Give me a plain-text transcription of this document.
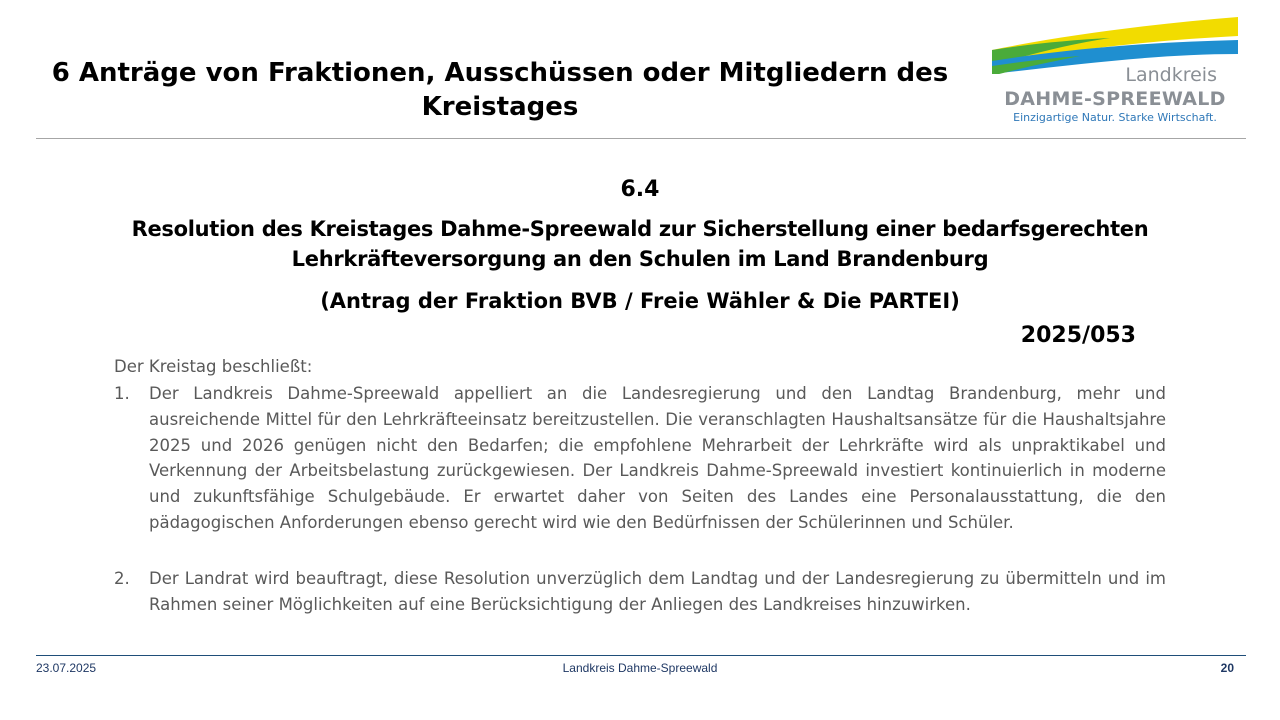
6 Anträge von Fraktionen, Ausschüssen oder Mitgliedern des Kreistages
Landkreis
DAHME-SPREEWALD
Einzigartige Natur. Starke Wirtschaft.
6.4
Resolution des Kreistages Dahme-Spreewald zur Sicherstellung einer bedarfsgerechten Lehrkräfteversorgung an den Schulen im Land Brandenburg
(Antrag der Fraktion BVB / Freie Wähler & Die PARTEI)
2025/053
Der Kreistag beschließt:
1.	Der Landkreis Dahme-Spreewald appelliert an die Landesregierung und den Landtag Brandenburg, mehr und ausreichende Mittel für den Lehrkräfteeinsatz bereitzustellen. Die veranschlagten Haushaltsansätze für die Haushaltsjahre 2025 und 2026 genügen nicht den Bedarfen; die empfohlene Mehrarbeit der Lehrkräfte wird als unpraktikabel und Verkennung der Arbeitsbelastung zurückgewiesen. Der Landkreis Dahme-Spreewald investiert kontinuierlich in moderne und zukunftsfähige Schulgebäude. Er erwartet daher von Seiten des Landes eine Personalausstattung, die den pädagogischen Anforderungen ebenso gerecht wird wie den Bedürfnissen der Schülerinnen und Schüler.
2.	Der Landrat wird beauftragt, diese Resolution unverzüglich dem Landtag und der Landesregierung zu übermitteln und im Rahmen seiner Möglichkeiten auf eine Berücksichtigung der Anliegen des Landkreises hinzuwirken.
23.07.2025	Landkreis Dahme-Spreewald	20
